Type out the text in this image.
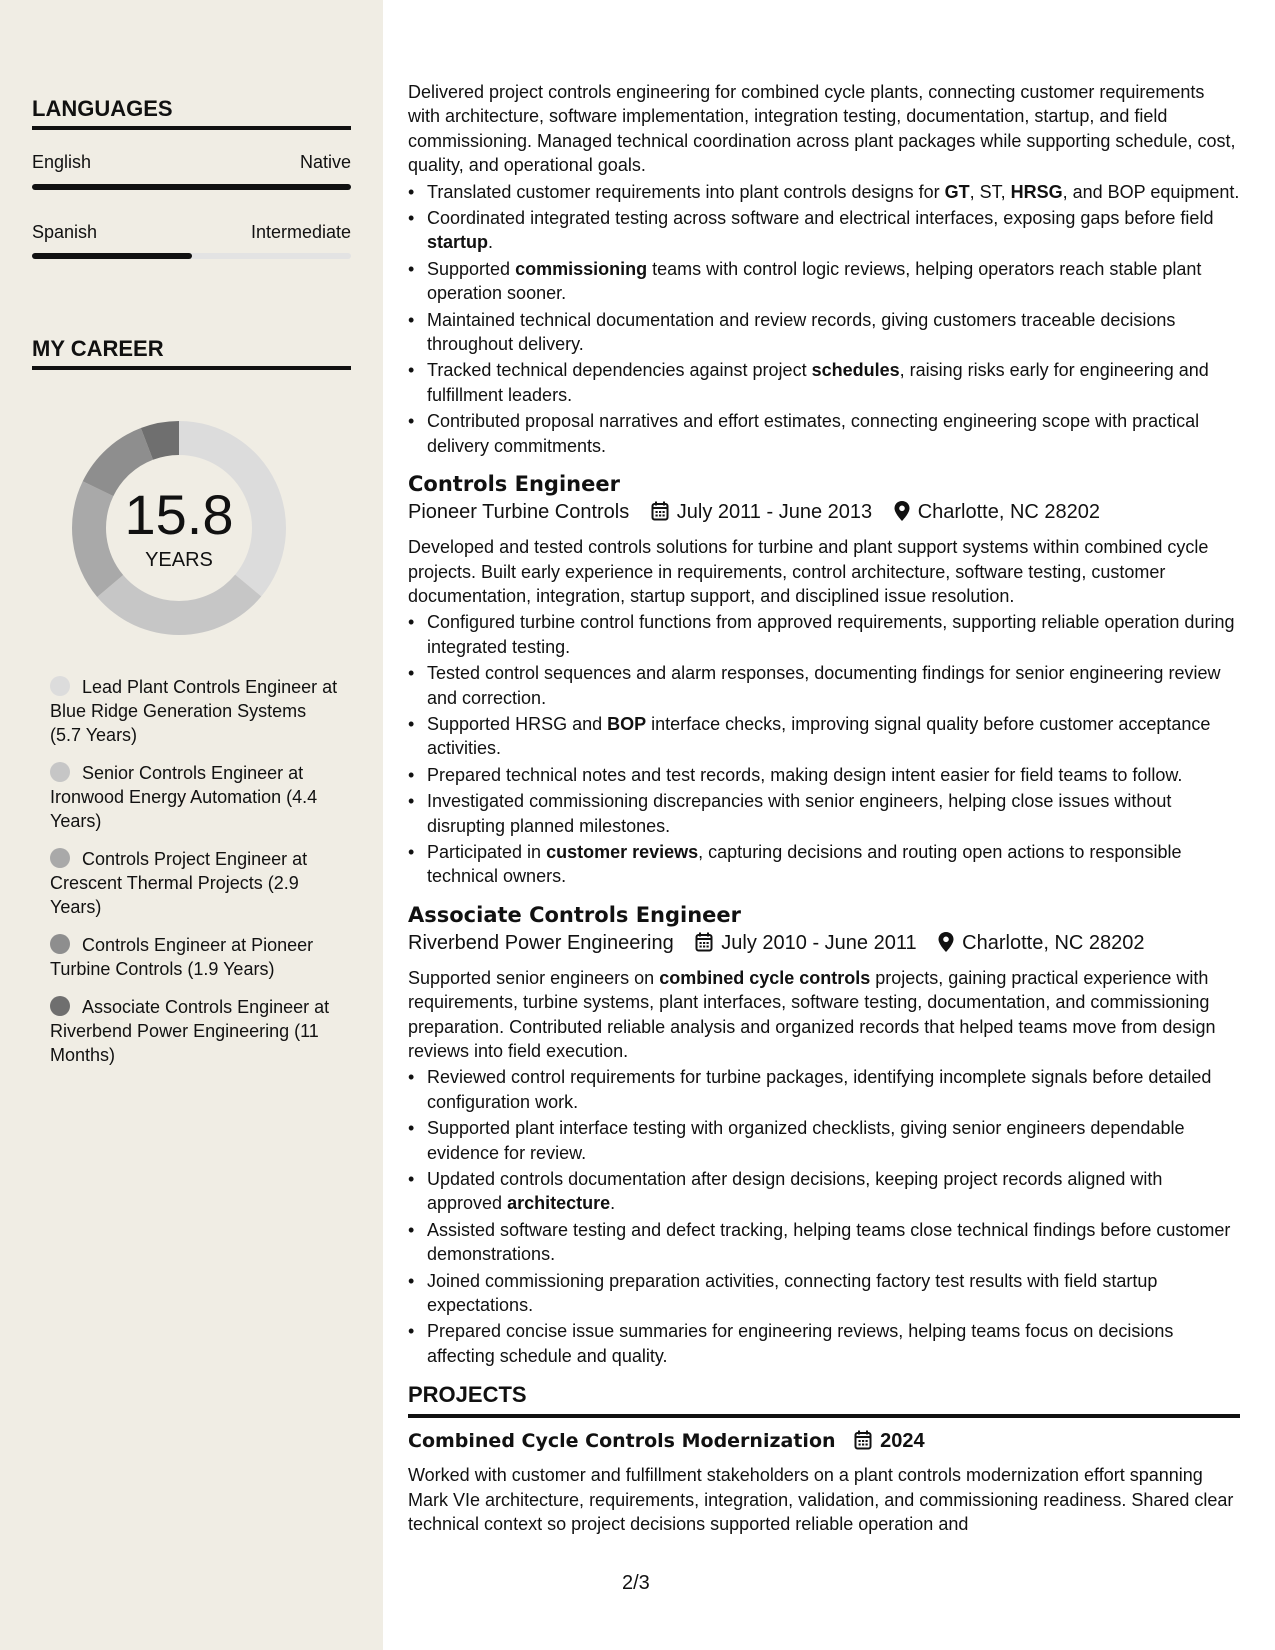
LANGUAGES
English	Native
Spanish	Intermediate
MY CAREER
15.8
YEARS
Lead Plant Controls Engineer at Blue Ridge Generation Systems (5.7 Years)
Senior Controls Engineer at Ironwood Energy Automation (4.4 Years)
Controls Project Engineer at Crescent Thermal Projects (2.9 Years)
Controls Engineer at Pioneer Turbine Controls (1.9 Years)
Associate Controls Engineer at Riverbend Power Engineering (11 Months)
Delivered project controls engineering for combined cycle plants, connecting customer requirements with architecture, software implementation, integration testing, documentation, startup, and field commissioning. Managed technical coordination across plant packages while supporting schedule, cost, quality, and operational goals.
• Translated customer requirements into plant controls designs for GT, ST, HRSG, and BOP equipment.
• Coordinated integrated testing across software and electrical interfaces, exposing gaps before field startup.
• Supported commissioning teams with control logic reviews, helping operators reach stable plant operation sooner.
• Maintained technical documentation and review records, giving customers traceable decisions throughout delivery.
• Tracked technical dependencies against project schedules, raising risks early for engineering and fulfillment leaders.
• Contributed proposal narratives and effort estimates, connecting engineering scope with practical delivery commitments.
Controls Engineer
Pioneer Turbine Controls July 2011 - June 2013 Charlotte, NC 28202
Developed and tested controls solutions for turbine and plant support systems within combined cycle projects. Built early experience in requirements, control architecture, software testing, customer documentation, integration, startup support, and disciplined issue resolution.
• Configured turbine control functions from approved requirements, supporting reliable operation during integrated testing.
• Tested control sequences and alarm responses, documenting findings for senior engineering review and correction.
• Supported HRSG and BOP interface checks, improving signal quality before customer acceptance activities.
• Prepared technical notes and test records, making design intent easier for field teams to follow.
• Investigated commissioning discrepancies with senior engineers, helping close issues without disrupting planned milestones.
• Participated in customer reviews, capturing decisions and routing open actions to responsible technical owners.
Associate Controls Engineer
Riverbend Power Engineering July 2010 - June 2011 Charlotte, NC 28202
Supported senior engineers on combined cycle controls projects, gaining practical experience with requirements, turbine systems, plant interfaces, software testing, documentation, and commissioning preparation. Contributed reliable analysis and organized records that helped teams move from design reviews into field execution.
• Reviewed control requirements for turbine packages, identifying incomplete signals before detailed configuration work.
• Supported plant interface testing with organized checklists, giving senior engineers dependable evidence for review.
• Updated controls documentation after design decisions, keeping project records aligned with approved architecture.
• Assisted software testing and defect tracking, helping teams close technical findings before customer demonstrations.
• Joined commissioning preparation activities, connecting factory test results with field startup expectations.
• Prepared concise issue summaries for engineering reviews, helping teams focus on decisions affecting schedule and quality.
PROJECTS
Combined Cycle Controls Modernization 2024
Worked with customer and fulfillment stakeholders on a plant controls modernization effort spanning Mark VIe architecture, requirements, integration, validation, and commissioning readiness. Shared clear technical context so project decisions supported reliable operation and
2/3
